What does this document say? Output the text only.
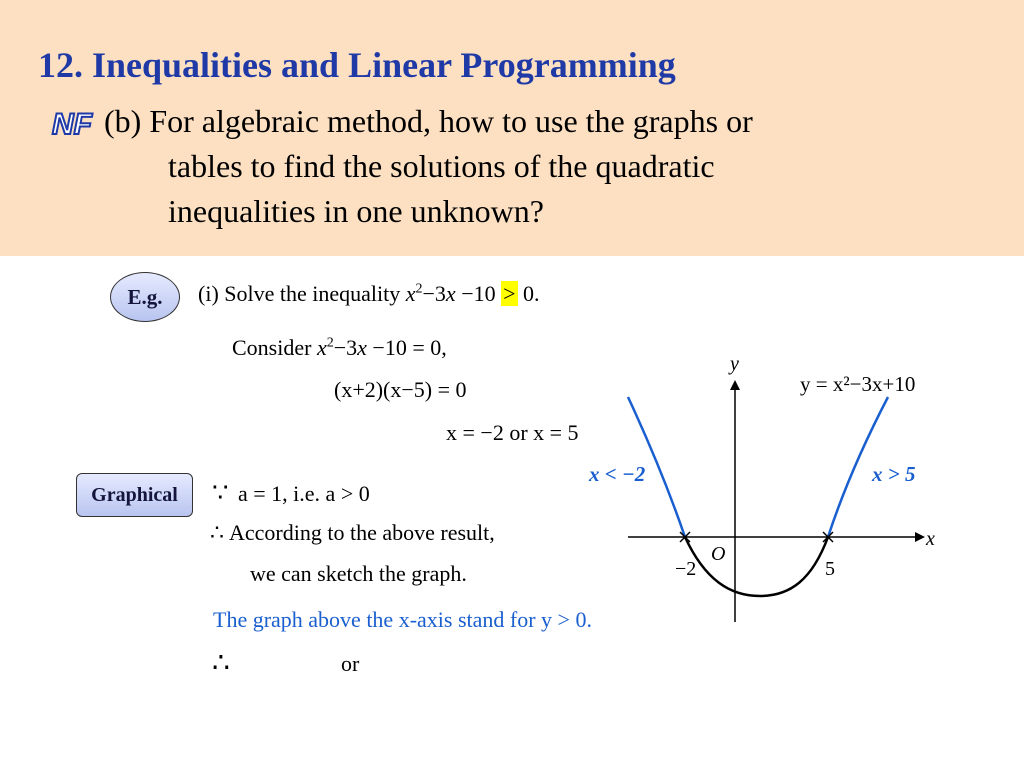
12. Inequalities and Linear Programming
NF (b) For algebraic method, how to use the graphs or
tables to find the solutions of the quadratic
inequalities in one unknown?
E.g.	(i) Solve the inequality $x^2-3x -10 > 0$.
Consider $x^2-3x -10 = 0$,
(x+2)(x−5) = 0
x = −2 or x = 5
Graphical	∵ a = 1, i.e. a > 0
∴ According to the above result,
we can sketch the graph.
The graph above the x-axis stand for y > 0.
∴	or
y
x
O
−2	5
y = x²−3x+10
x < −2	x > 5
